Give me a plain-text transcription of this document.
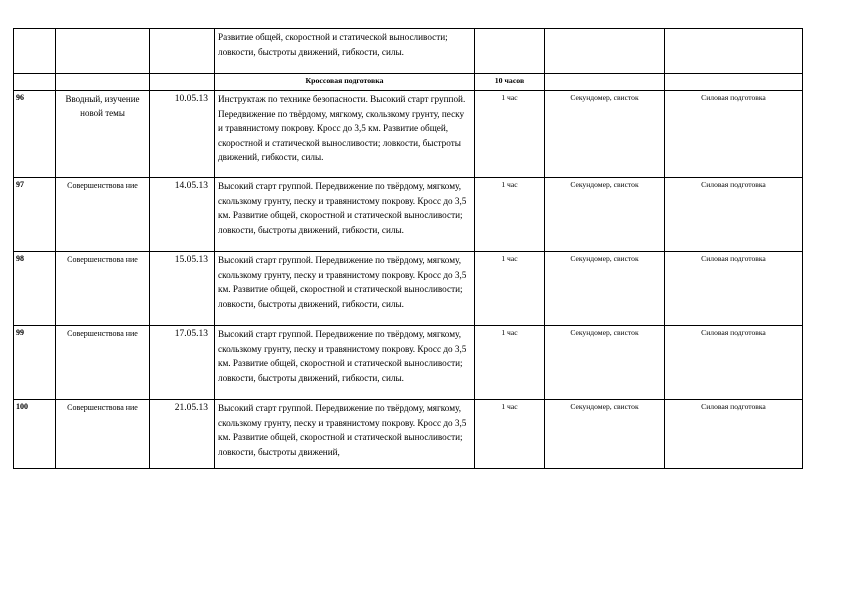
			Развитие общей, скоростной и статической выносливости; ловкости, быстроты движений, гибкости, силы.			
			Кроссовая подготовка	10 часов		
96	Вводный, изучение новой темы	10.05.13	Инструктаж по технике безопасности. Высокий старт группой. Передвижение по твёрдому, мягкому, скользкому грунту, песку и травянистому покрову. Кросс до 3,5 км. Развитие общей, скоростной и статической выносливости; ловкости, быстроты движений, гибкости, силы.	1 час	Секундомер, свисток	Силовая подготовка
97	Совершенствова ние	14.05.13	Высокий старт группой. Передвижение по твёрдому, мягкому, скользкому грунту, песку и травянистому покрову. Кросс до 3,5 км. Развитие общей, скоростной и статической выносливости; ловкости, быстроты движений, гибкости, силы.	1 час	Секундомер, свисток	Силовая подготовка
98	Совершенствова ние	15.05.13	Высокий старт группой. Передвижение по твёрдому, мягкому, скользкому грунту, песку и травянистому покрову. Кросс до 3,5 км. Развитие общей, скоростной и статической выносливости; ловкости, быстроты движений, гибкости, силы.	1 час	Секундомер, свисток	Силовая подготовка
99	Совершенствова ние	17.05.13	Высокий старт группой. Передвижение по твёрдому, мягкому, скользкому грунту, песку и травянистому покрову. Кросс до 3,5 км. Развитие общей, скоростной и статической выносливости; ловкости, быстроты движений, гибкости, силы.	1 час	Секундомер, свисток	Силовая подготовка
100	Совершенствова ние	21.05.13	Высокий старт группой. Передвижение по твёрдому, мягкому, скользкому грунту, песку и травянистому покрову. Кросс до 3,5 км. Развитие общей, скоростной и статической выносливости; ловкости, быстроты движений,	1 час	Секундомер, свисток	Силовая подготовка
